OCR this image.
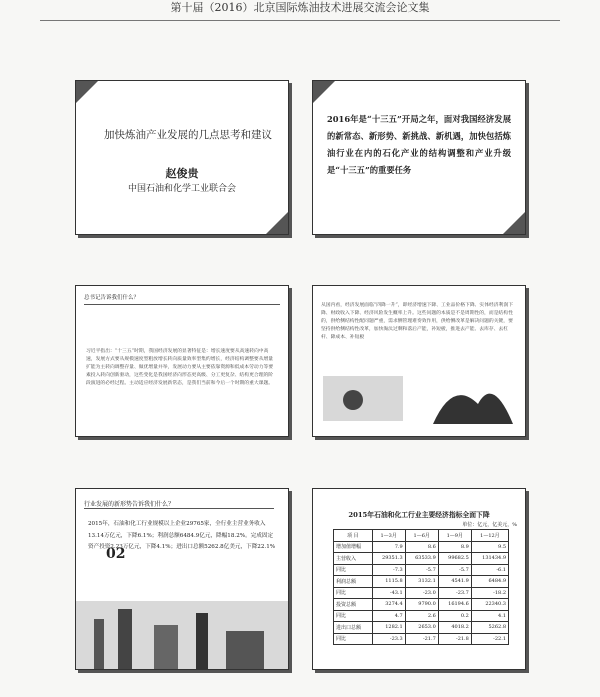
第十届（2016）北京国际炼油技术进展交流会论文集
加快炼油产业发展的几点思考和建议
赵俊贵
中国石油和化学工业联合会
2016年是“十三五”开局之年，面对我国经济发展的新常态、新形势、新挑战、新机遇，加快包括炼油行业在内的石化产业的结构调整和产业升级是“十三五”的重要任务
总书记告诉我们什么？
习近平指出：“十三五”时期，我国经济发展的显著特征是：增长速度要从高速转向中高速，发展方式要从规模速度型粗放增长转向质量效率型集约增长，经济结构调整要从增量扩能为主转向调整存量、做优增量并举，发展动力要从主要依靠资源和低成本劳动力等要素投入转向创新驱动，这些变化是我国经济向形态更高级、分工更复杂、结构更合理的阶段演进的必经过程。主动适应经济发展新常态，是我们当前和今后一个时期的重大课题。
从国内看，经济发展面临“四降一升”，即经济增速下降、工业品价格下降、实体经济利润下降、财政收入下降、经济风险发生概率上升。这些问题的本质是不是周期性的，而是结构性的，供给侧结构性配同题严重，需求侧管理难奏效作用，供给侧改革是解决问题的关键，要坚持供给侧结构性改革，加快淘汰过剩和落后产能，补短板，推进去产能、去库存、去杠杆、降成本、补短板
行业发展的新形势告诉我们什么？
2015年，石油和化工行业规模以上企业29765家，全行业主营业务收入13.14万亿元，下降6.1%；利润总额6484.9亿元，降幅18.2%。完成固定资产投资2.23万亿元，下降4.1%；进出口总额5262.8亿美元，下降22.1%
02
2015年石油和化工行业主要经济指标全面下降
单位：亿元，亿美元，%
项 目	1—3月	1—6月	1—9月	1—12月
增加值增幅	7.9	8.6	8.9	9.5
主营收入	29351.3	63533.9	99682.5	131434.9
同比	-7.3	-5.7	-5.7	-6.1
利润总额	1115.8	3132.1	4541.9	6484.9
同比	-43.1	-23.0	-23.7	-18.2
投资总额	3274.4	9790.0	16194.6	22340.3
同比	4.7	2.6	0.2	4.1
进出口总额	1282.1	2653.0	4018.2	5262.8
同比	-23.3	-21.7	-21.8	-22.1
